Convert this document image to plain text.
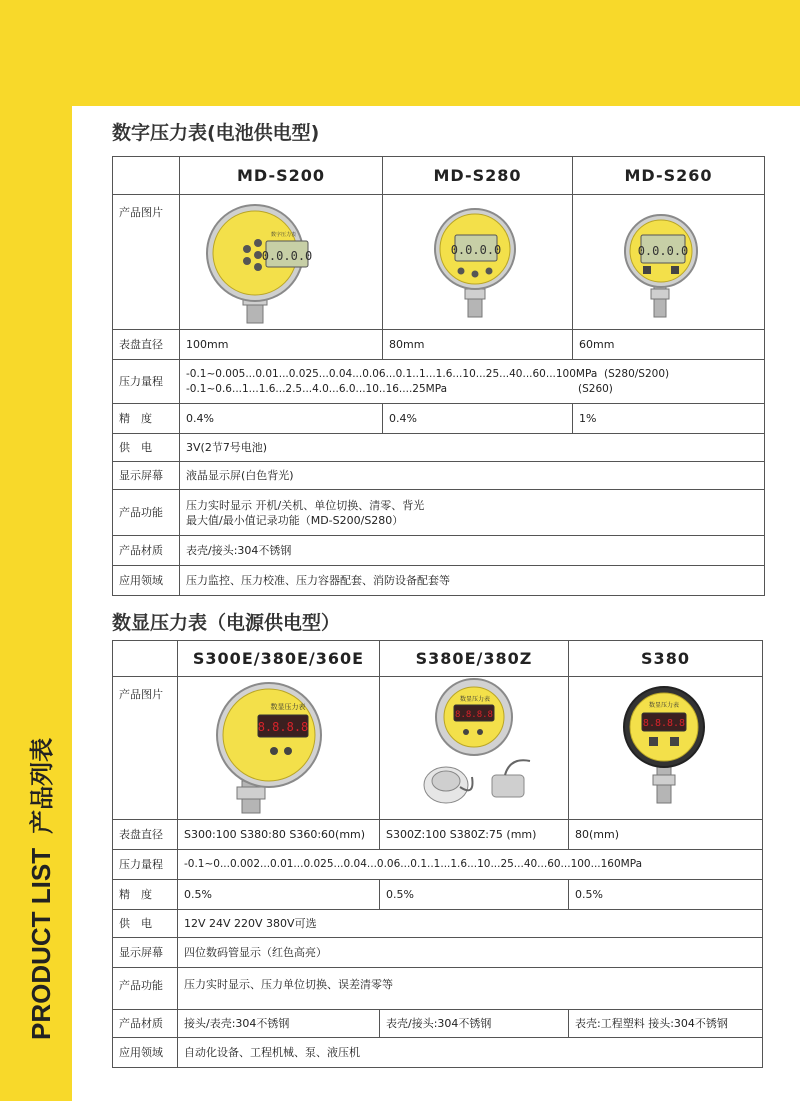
PRODUCT LIST产品列表
数字压力表(电池供电型)
	MD-S200	MD-S280	MD-S260
产品图片	数字压力表
0.0.0.0	0.0.0.0	0.0.0.0

表盘直径	100mm	80mm	60mm
压力量程	-0.1~0.005...0.01...0.025...0.04...0.06...0.1..1...1.6...10...25...40...60...100MPa (S280/S200)
-0.1~0.6...1...1.6...2.5...4.0...6.0...10..16....25MPa (S260)		

精　度	0.4%	0.4%	1%
供　电	3V(2节7号电池)		
显示屏幕	液晶显示屏(白色背光)		
产品功能	压力实时显示 开机/关机、单位切换、清零、背光
最大值/最小值记录功能（MD-S200/S280）		

产品材质	表壳/接头:304不锈钢		
应用领域	压力监控、压力校准、压力容器配套、消防设备配套等		
数显压力表（电源供电型）
	S300E/380E/360E	S380E/380Z	S380
产品图片	数显压力表
8.8.8.8	数显压力表
8.8.8.8	数显压力表
8.8.8.8

表盘直径	S300:100 S380:80 S360:60(mm)	S300Z:100 S380Z:75 (mm)	80(mm)
压力量程	-0.1~0...0.002...0.01...0.025...0.04...0.06...0.1..1...1.6...10...25...40...60...100...160MPa		
精　度	0.5%	0.5%	0.5%
供　电	12V 24V 220V 380V可选		
显示屏幕	四位数码管显示（红色高亮）		
产品功能	压力实时显示、压力单位切换、误差清零等		
产品材质	接头/表壳:304不锈钢	表壳/接头:304不锈钢	表壳:工程塑料 接头:304不锈钢
应用领域	自动化设备、工程机械、泵、液压机		
